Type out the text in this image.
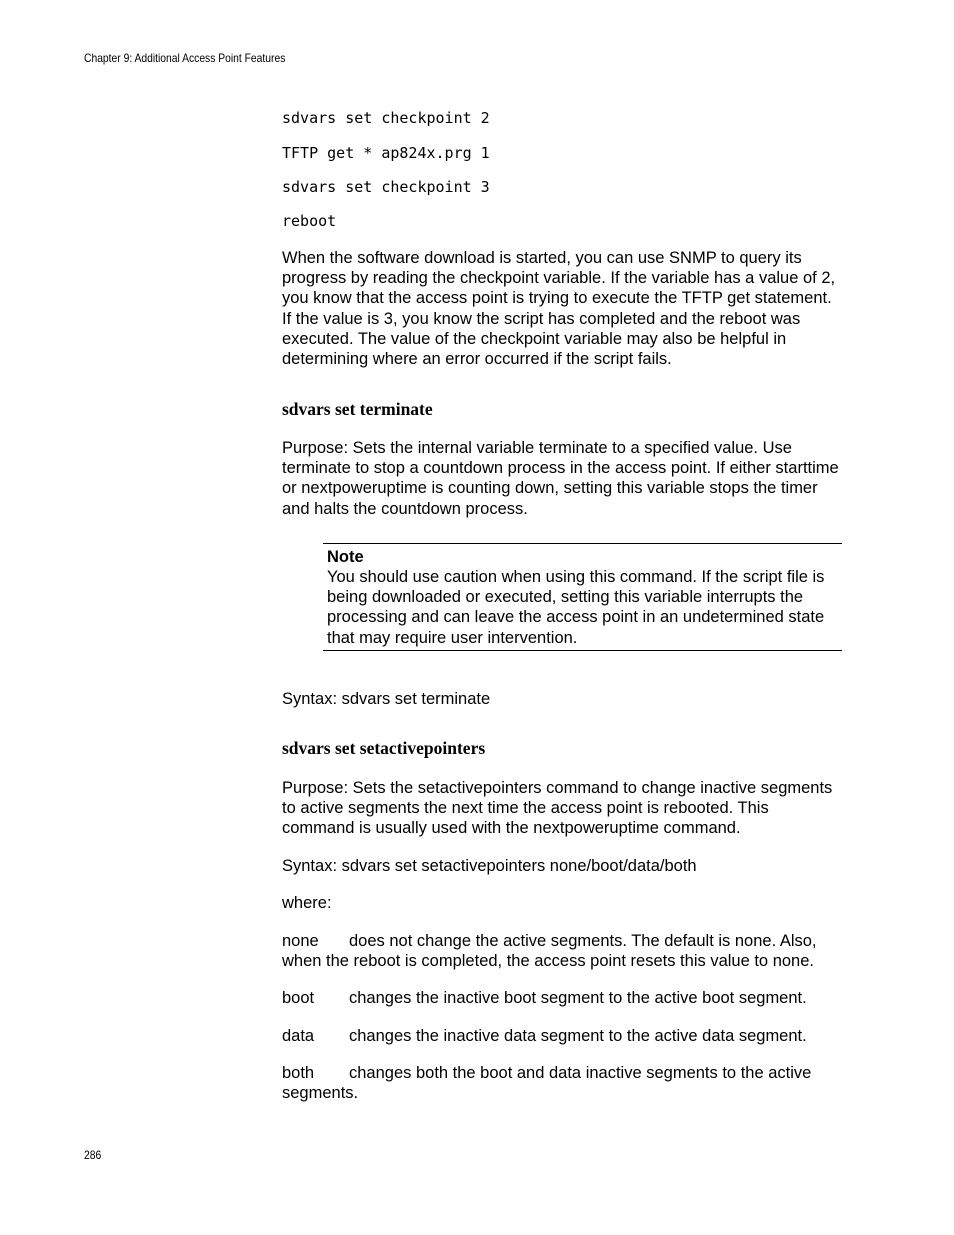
Chapter 9: Additional Access Point Features
sdvars set checkpoint 2
TFTP get * ap824x.prg 1
sdvars set checkpoint 3
reboot
When the software download is started, you can use SNMP to query its progress by reading the checkpoint variable. If the variable has a value of 2, you know that the access point is trying to execute the TFTP get statement. If the value is 3, you know the script has completed and the reboot was executed. The value of the checkpoint variable may also be helpful in determining where an error occurred if the script fails.
sdvars set terminate
Purpose: Sets the internal variable terminate to a specified value. Use terminate to stop a countdown process in the access point. If either starttime or nextpoweruptime is counting down, setting this variable stops the timer and halts the countdown process.
Note
You should use caution when using this command. If the script file is being downloaded or executed, setting this variable interrupts the processing and can leave the access point in an undetermined state that may require user intervention.
Syntax: sdvars set terminate
sdvars set setactivepointers
Purpose: Sets the setactivepointers command to change inactive segments to active segments the next time the access point is rebooted. This command is usually used with the nextpoweruptime command.
Syntax: sdvars set setactivepointers none/boot/data/both
where:
none does not change the active segments. The default is none. Also, when the reboot is completed, the access point resets this value to none.
boot changes the inactive boot segment to the active boot segment.
data changes the inactive data segment to the active data segment.
both changes both the boot and data inactive segments to the active segments.
286
